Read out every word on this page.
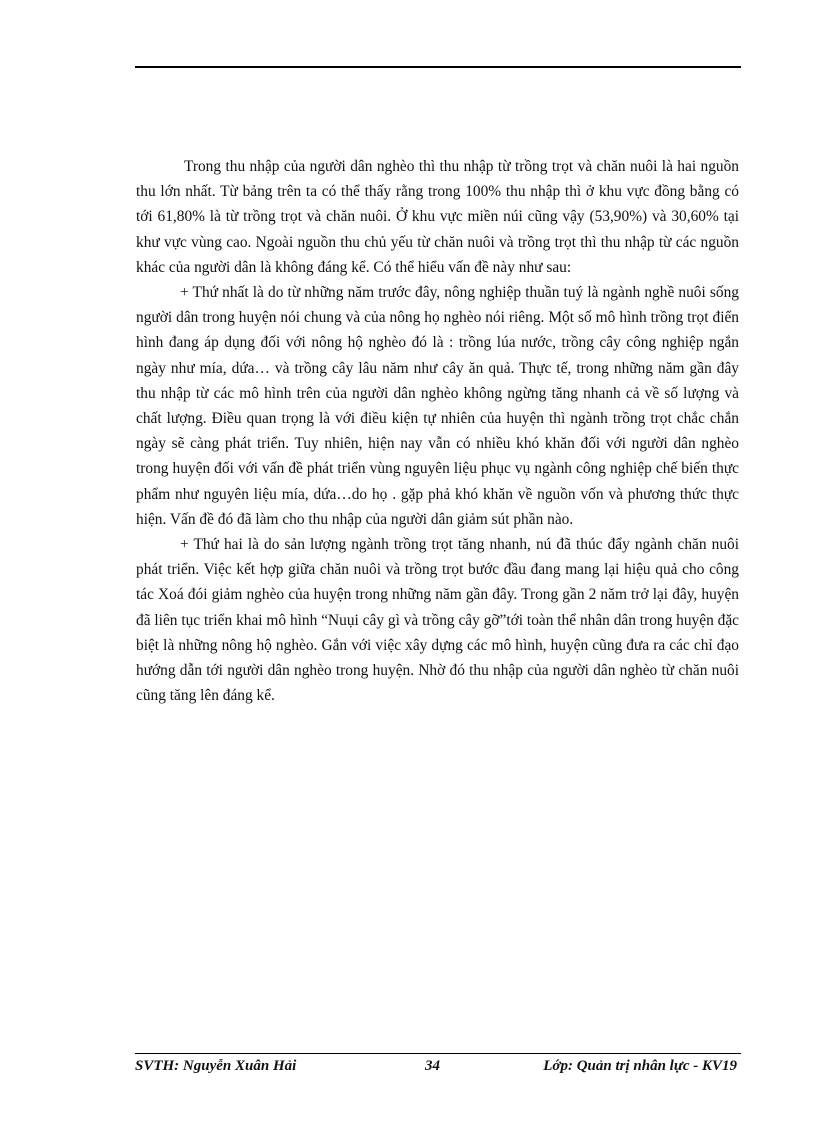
Trong thu nhập của người dân nghèo thì thu nhập từ trồng trọt và chăn nuôi là hai nguồn thu lớn nhất. Từ bảng trên ta có thể thấy rằng trong 100% thu nhập thì ở khu vực đồng bằng có tới 61,80% là từ trồng trọt và chăn nuôi. Ở khu vực miền núi cũng vậy (53,90%) và 30,60% tại khư vực vùng cao. Ngoài nguồn thu chủ yếu từ chăn nuôi và trồng trọt thì thu nhập từ các nguồn khác của người dân là không đáng kể. Có thể hiểu vấn đề này như sau:

+ Thứ nhất là do từ những năm trước đây, nông nghiệp thuần tuý là ngành nghề nuôi sống người dân trong huyện nói chung và của nông họ nghèo nói riêng. Một số mô hình trồng trọt điển hình đang áp dụng đối với nông hộ nghèo đó là : trồng lúa nước, trồng cây công nghiệp ngắn ngày như mía, dứa… và trồng cây lâu năm như cây ăn quả. Thực tế, trong những năm gần đây thu nhập từ các mô hình trên của người dân nghèo không ngừng tăng nhanh cả về số lượng và chất lượng. Điều quan trọng là với điều kiện tự nhiên của huyện thì ngành trồng trọt chắc chắn ngày sẽ càng phát triển. Tuy nhiên, hiện nay vẫn có nhiều khó khăn đối với người dân nghèo trong huyện đối với vấn đề phát triển vùng nguyên liệu phục vụ ngành công nghiệp chế biến thực phẩm như nguyên liệu mía, dứa…do họ . gặp phả khó khăn về nguồn vốn và phương thức thực hiện. Vấn đề đó đã làm cho thu nhập của người dân giảm sút phần nào.

+ Thứ hai là do sản lượng ngành trồng trọt tăng nhanh, nú đã thúc đẩy ngành chăn nuôi phát triển. Việc kết hợp giữa chăn nuôi và trồng trọt bước đầu đang mang lại hiệu quả cho công tác Xoá đói giảm nghèo của huyện trong những năm gần đây. Trong gần 2 năm trở lại đây, huyện đã liên tục triển khai mô hình “Nuụi cây gì và trồng cây gỡ”tới toàn thể nhân dân trong huyện đặc biệt là những nông hộ nghèo. Gắn với việc xây dựng các mô hình, huyện cũng đưa ra các chỉ đạo hướng dẫn tới người dân nghèo trong huyện. Nhờ đó thu nhập của người dân nghèo từ chăn nuôi cũng tăng lên đáng kể.

SVTH: Nguyễn Xuân Hải	34	Lớp: Quản trị nhân lực - KV19
